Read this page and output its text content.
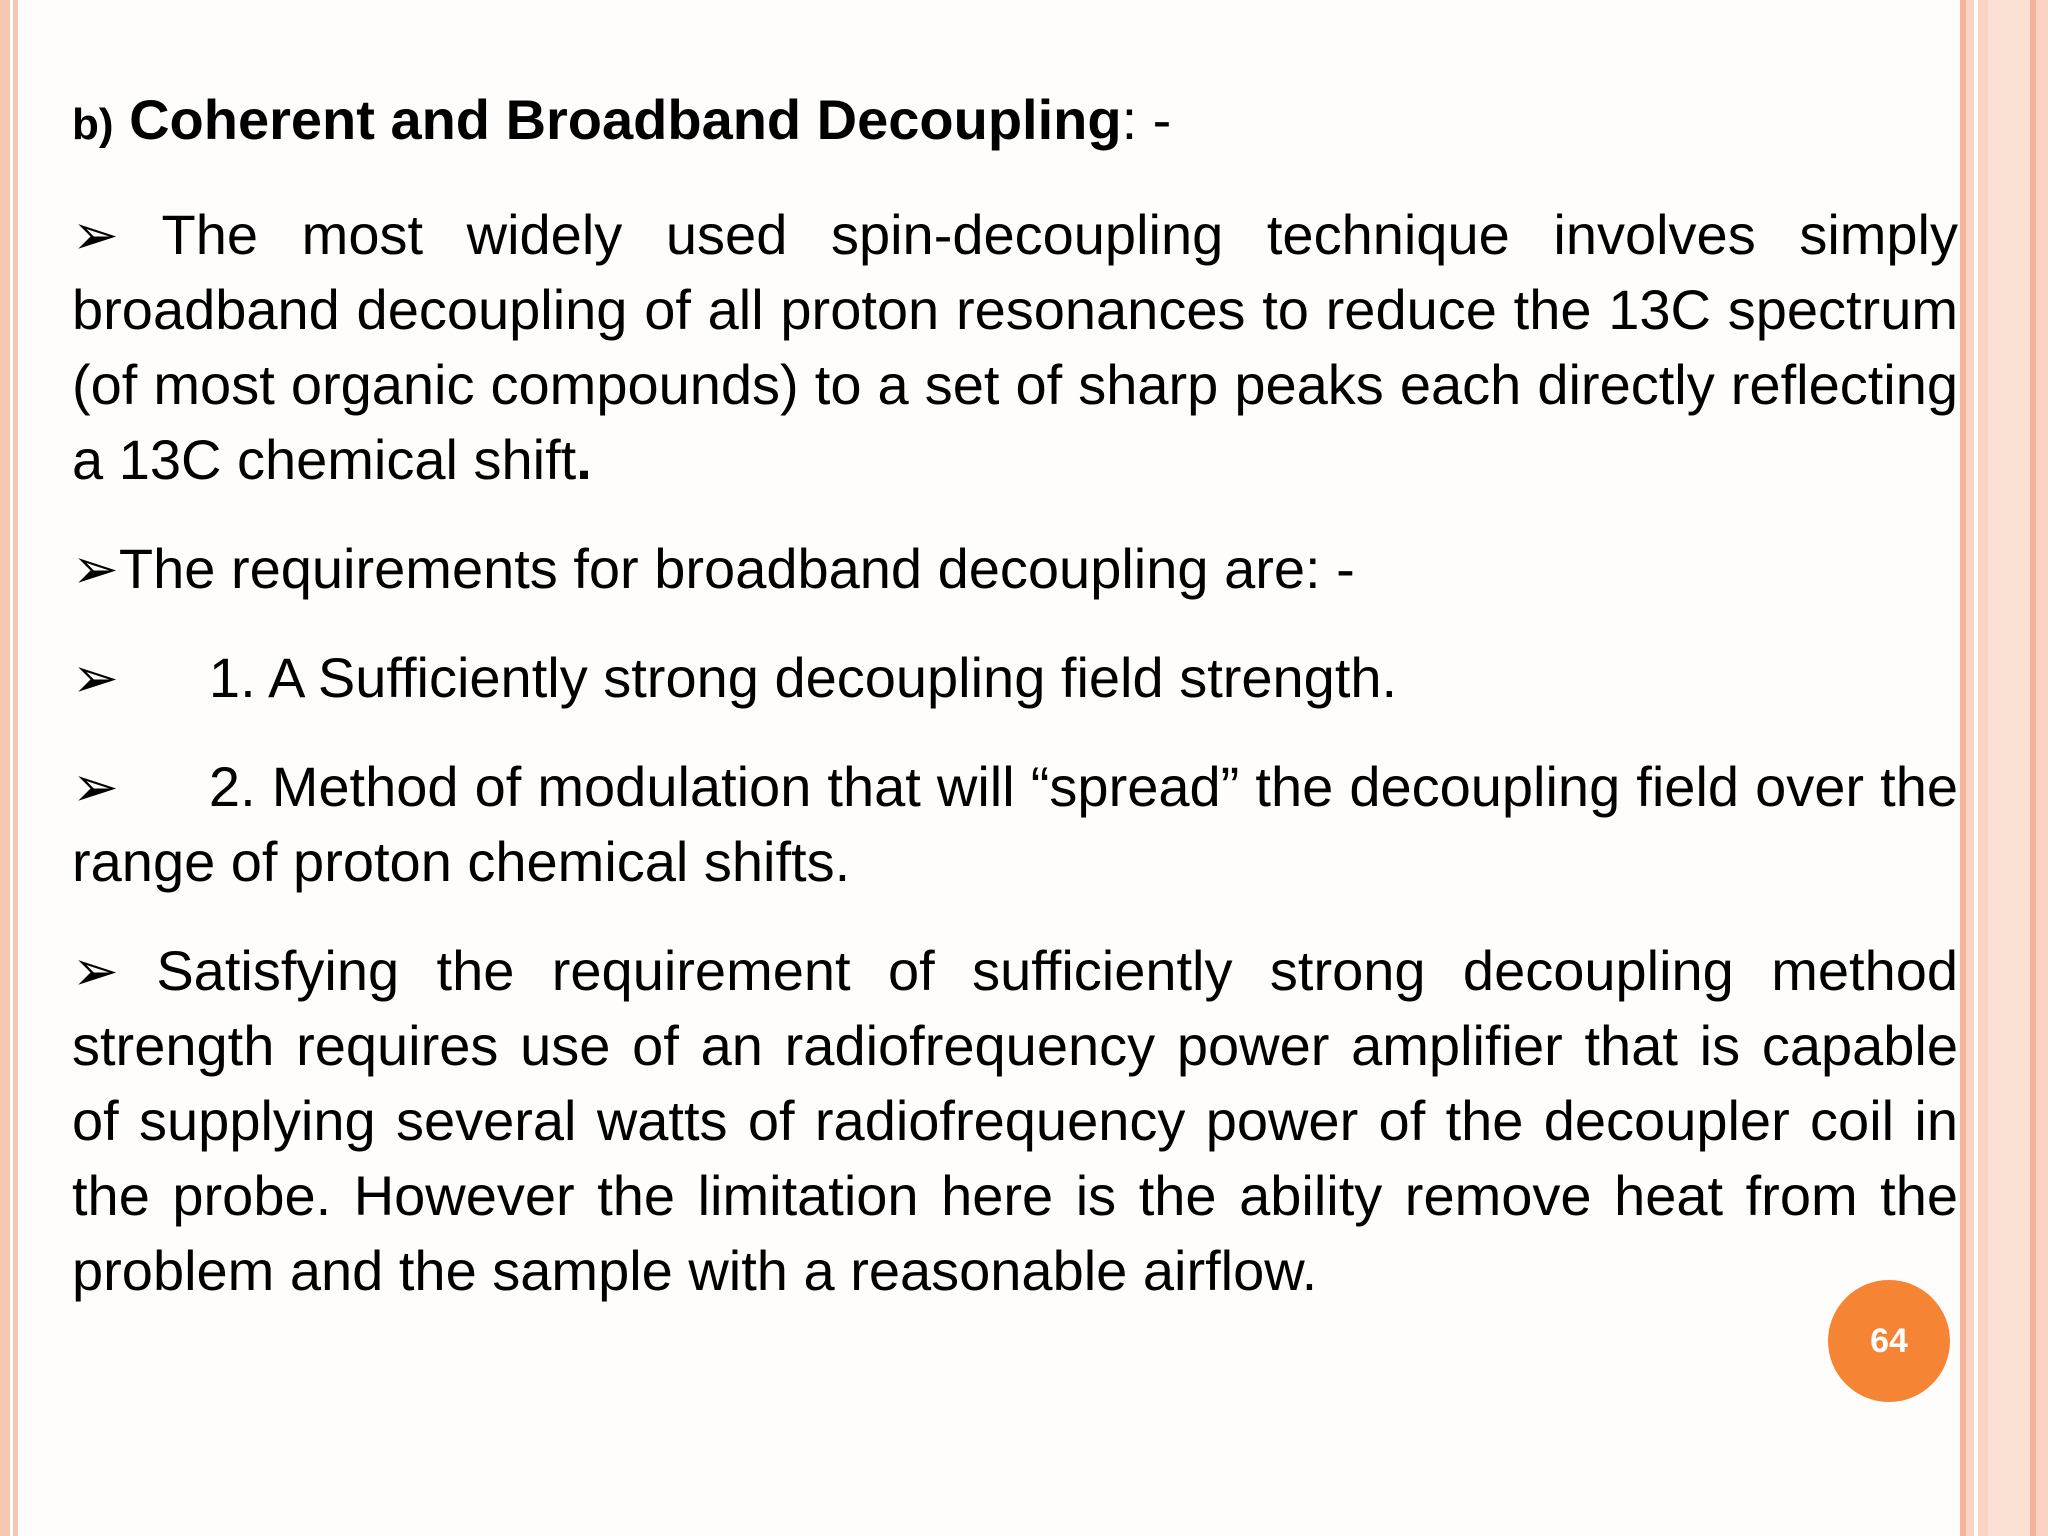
b) Coherent and Broadband Decoupling: -

➢ The most widely used spin-decoupling technique involves simply broadband decoupling of all proton resonances to reduce the 13C spectrum (of most organic compounds) to a set of sharp peaks each directly reflecting a 13C chemical shift.

➢The requirements for broadband decoupling are: -

➢ 1. A Sufficiently strong decoupling field strength.

➢ 2. Method of modulation that will “spread” the decoupling field over the range of proton chemical shifts.

➢ Satisfying the requirement of sufficiently strong decoupling method strength requires use of an radiofrequency power amplifier that is capable of supplying several watts of radiofrequency power of the decoupler coil in the probe. However the limitation here is the ability remove heat from the problem and the sample with a reasonable airflow.

64
